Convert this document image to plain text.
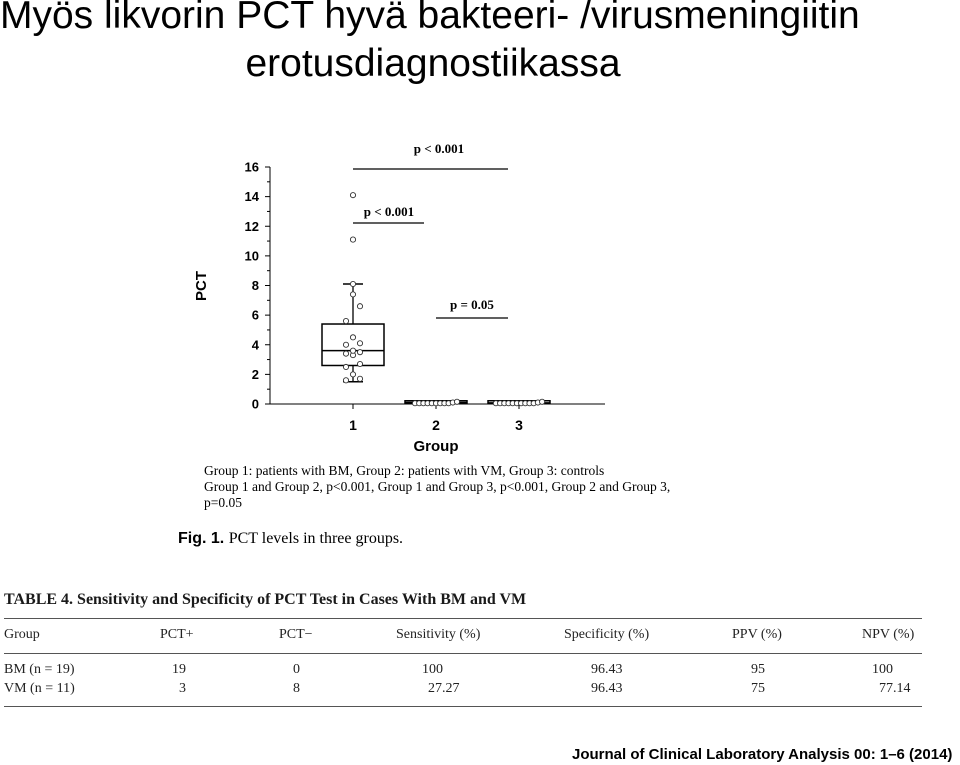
Myös likvorin PCT hyvä bakteeri- /virusmeningiitin
erotusdiagnostiikassa
0
2
4
6
8
10
12
14
16
1	2	3
Group
PCT
p < 0.001
p < 0.001
p = 0.05
Group 1: patients with BM, Group 2: patients with VM, Group 3: controls
Group 1 and Group 2, p<0.001, Group 1 and Group 3, p<0.001, Group 2 and Group 3,
p=0.05
Fig. 1. PCT levels in three groups.
TABLE 4. Sensitivity and Specificity of PCT Test in Cases With BM and VM
Group	PCT+	PCT−	Sensitivity (%)	Specificity (%)	PPV (%)	NPV (%)
BM (n = 19)	19	0	100	96.43	95	100
VM (n = 11)	3	8	27.27	96.43	75	77.14
Journal of Clinical Laboratory Analysis 00: 1–6 (2014)
